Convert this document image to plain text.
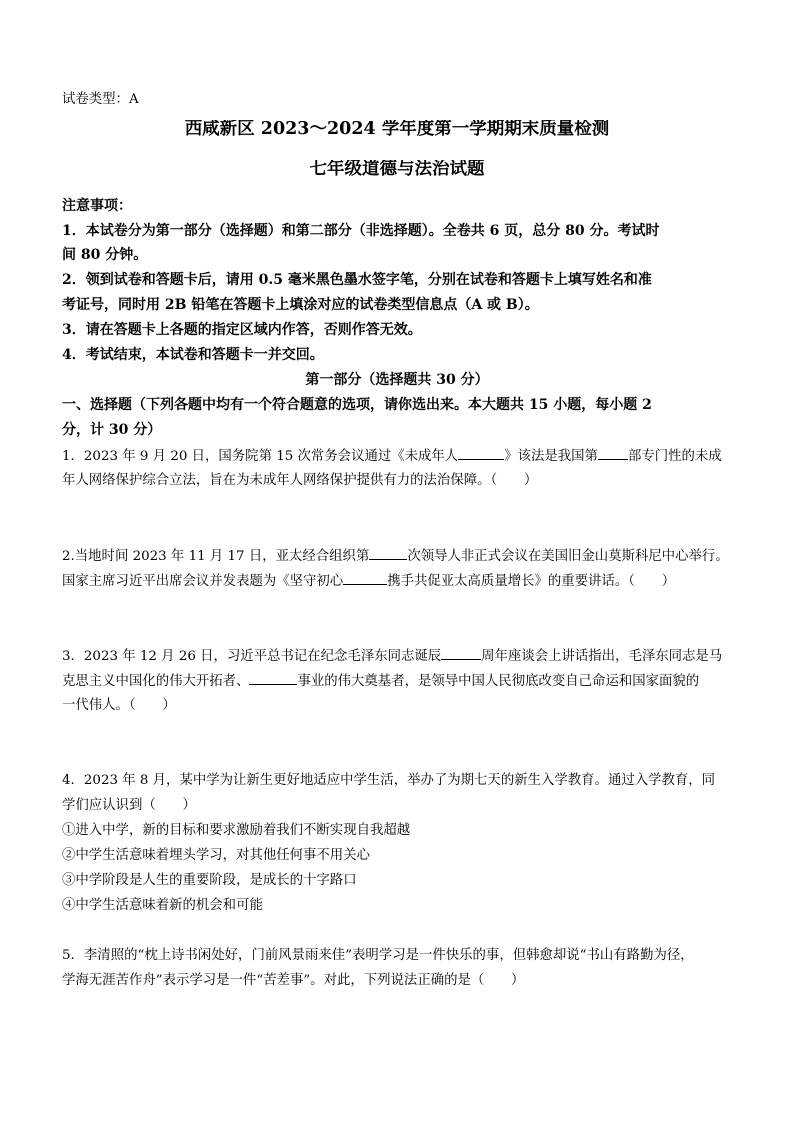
试卷类型：A
西咸新区 2023～2024 学年度第一学期期末质量检测
七年级道德与法治试题
注意事项：
1．本试卷分为第一部分（选择题）和第二部分（非选择题）。全卷共 6 页，总分 80 分。考试时
间 80 分钟。
2．领到试卷和答题卡后，请用 0.5 毫米黑色墨水签字笔，分别在试卷和答题卡上填写姓名和准
考证号，同时用 2B 铅笔在答题卡上填涂对应的试卷类型信息点（A 或 B）。
3．请在答题卡上各题的指定区域内作答，否则作答无效。
4．考试结束，本试卷和答题卡一并交回。
第一部分（选择题共 30 分）
一、选择题（下列各题中均有一个符合题意的选项，请你选出来。本大题共 15 小题，每小题 2
分，计 30 分）
1．2023 年 9 月 20 日，国务院第 15 次常务会议通过《未成年人	》该法是我国第 部专门性的未成
年人网络保护综合立法，旨在为未成年人网络保护提供有力的法治保障。（　　）
2.当地时间 2023 年 11 月 17 日，亚太经合组织第	次领导人非正式会议在美国旧金山莫斯科尼中心举行。
国家主席习近平出席会议并发表题为《坚守初心	携手共促亚太高质量增长》的重要讲话。（　　）
3．2023 年 12 月 26 日，习近平总书记在纪念毛泽东同志诞辰	周年座谈会上讲话指出，毛泽东同志是马
克思主义中国化的伟大开拓者、	事业的伟大奠基者，是领导中国人民彻底改变自己命运和国家面貌的
一代伟人。（　　）
4．2023 年 8 月，某中学为让新生更好地适应中学生活，举办了为期七天的新生入学教育。通过入学教育，同
学们应认识到（　　）
①进入中学，新的目标和要求激励着我们不断实现自我超越
②中学生活意味着埋头学习，对其他任何事不用关心
③中学阶段是人生的重要阶段，是成长的十字路口
④中学生活意味着新的机会和可能
5．李清照的“枕上诗书闲处好，门前风景雨来佳”表明学习是一件快乐的事，但韩愈却说“书山有路勤为径，
学海无涯苦作舟”表示学习是一件“苦差事”。对此，下列说法正确的是（　　）
